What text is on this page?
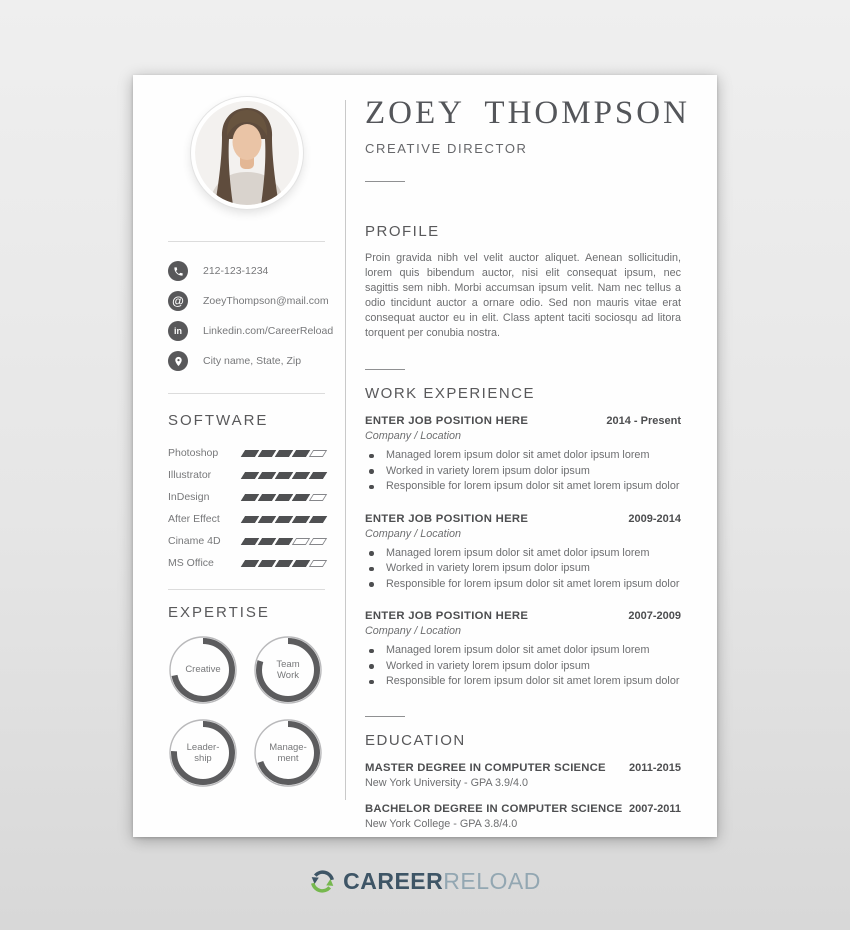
212-123-1234
@ ZoeyThompson@mail.com
in Linkedin.com/CareerReload
City name, State, Zip
SOFTWARE
Photoshop
Illustrator
InDesign
After Effect
Ciname 4D
MS Office
EXPERTISE
Creative
Team
Work
Leader-
ship
Manage-
ment
ZOEY THOMPSON
CREATIVE DIRECTOR
PROFILE

Proin gravida nibh vel velit auctor aliquet. Aenean sollicitudin, lorem quis bibendum auctor, nisi elit consequat ipsum, nec sagittis sem nibh. Morbi accumsan ipsum velit. Nam nec tellus a odio tincidunt auctor a ornare odio. Sed non mauris vitae erat consequat auctor eu in elit. Class aptent taciti sociosqu ad litora torquent per conubia nostra.

WORK EXPERIENCE
ENTER JOB POSITION HERE	2014 - Present
Company / Location
Managed lorem ipsum dolor sit amet dolor ipsum lorem
Worked in variety lorem ipsum dolor ipsum
Responsible for lorem ipsum dolor sit amet lorem ipsum dolor
ENTER JOB POSITION HERE	2009-2014
Company / Location
Managed lorem ipsum dolor sit amet dolor ipsum lorem
Worked in variety lorem ipsum dolor ipsum
Responsible for lorem ipsum dolor sit amet lorem ipsum dolor
ENTER JOB POSITION HERE	2007-2009
Company / Location
Managed lorem ipsum dolor sit amet dolor ipsum lorem
Worked in variety lorem ipsum dolor ipsum
Responsible for lorem ipsum dolor sit amet lorem ipsum dolor
EDUCATION
MASTER DEGREE IN COMPUTER SCIENCE 2011-2015
New York University - GPA 3.9/4.0
BACHELOR DEGREE IN COMPUTER SCIENCE 2007-2011
New York College - GPA 3.8/4.0
CAREERRELOAD
